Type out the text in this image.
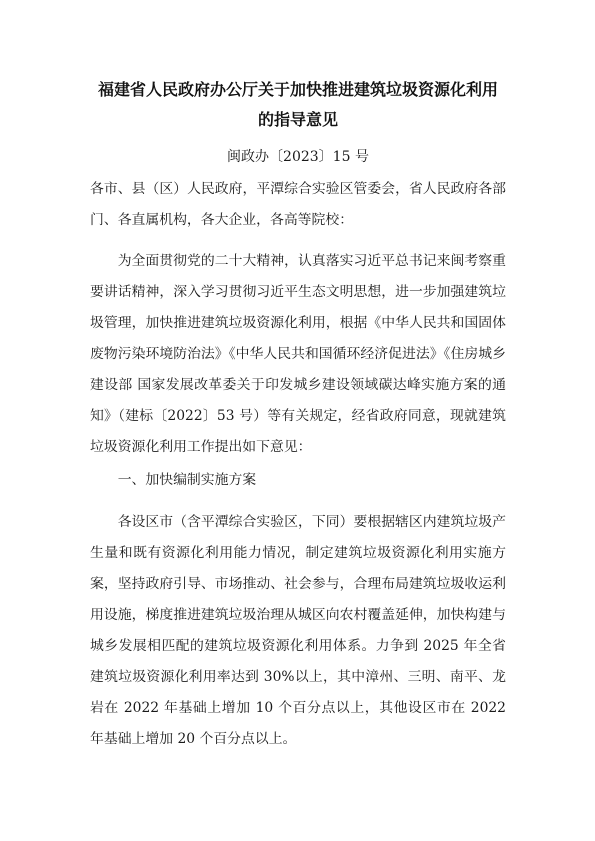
福建省人民政府办公厅关于加快推进建筑垃圾资源化利用的指导意见
闽政办〔2023〕15 号
各市、县（区）人民政府，平潭综合实验区管委会，省人民政府各部门、各直属机构，各大企业，各高等院校：
为全面贯彻党的二十大精神，认真落实习近平总书记来闽考察重要讲话精神，深入学习贯彻习近平生态文明思想，进一步加强建筑垃圾管理，加快推进建筑垃圾资源化利用，根据《中华人民共和国固体废物污染环境防治法》《中华人民共和国循环经济促进法》《住房城乡建设部 国家发展改革委关于印发城乡建设领域碳达峰实施方案的通知》（建标〔2022〕53 号）等有关规定，经省政府同意，现就建筑垃圾资源化利用工作提出如下意见：
一、加快编制实施方案
各设区市（含平潭综合实验区，下同）要根据辖区内建筑垃圾产生量和既有资源化利用能力情况，制定建筑垃圾资源化利用实施方案，坚持政府引导、市场推动、社会参与，合理布局建筑垃圾收运利用设施，梯度推进建筑垃圾治理从城区向农村覆盖延伸，加快构建与城乡发展相匹配的建筑垃圾资源化利用体系。力争到 2025 年全省建筑垃圾资源化利用率达到 30%以上，其中漳州、三明、南平、龙岩在 2022 年基础上增加 10 个百分点以上，其他设区市在 2022 年基础上增加 20 个百分点以上。
